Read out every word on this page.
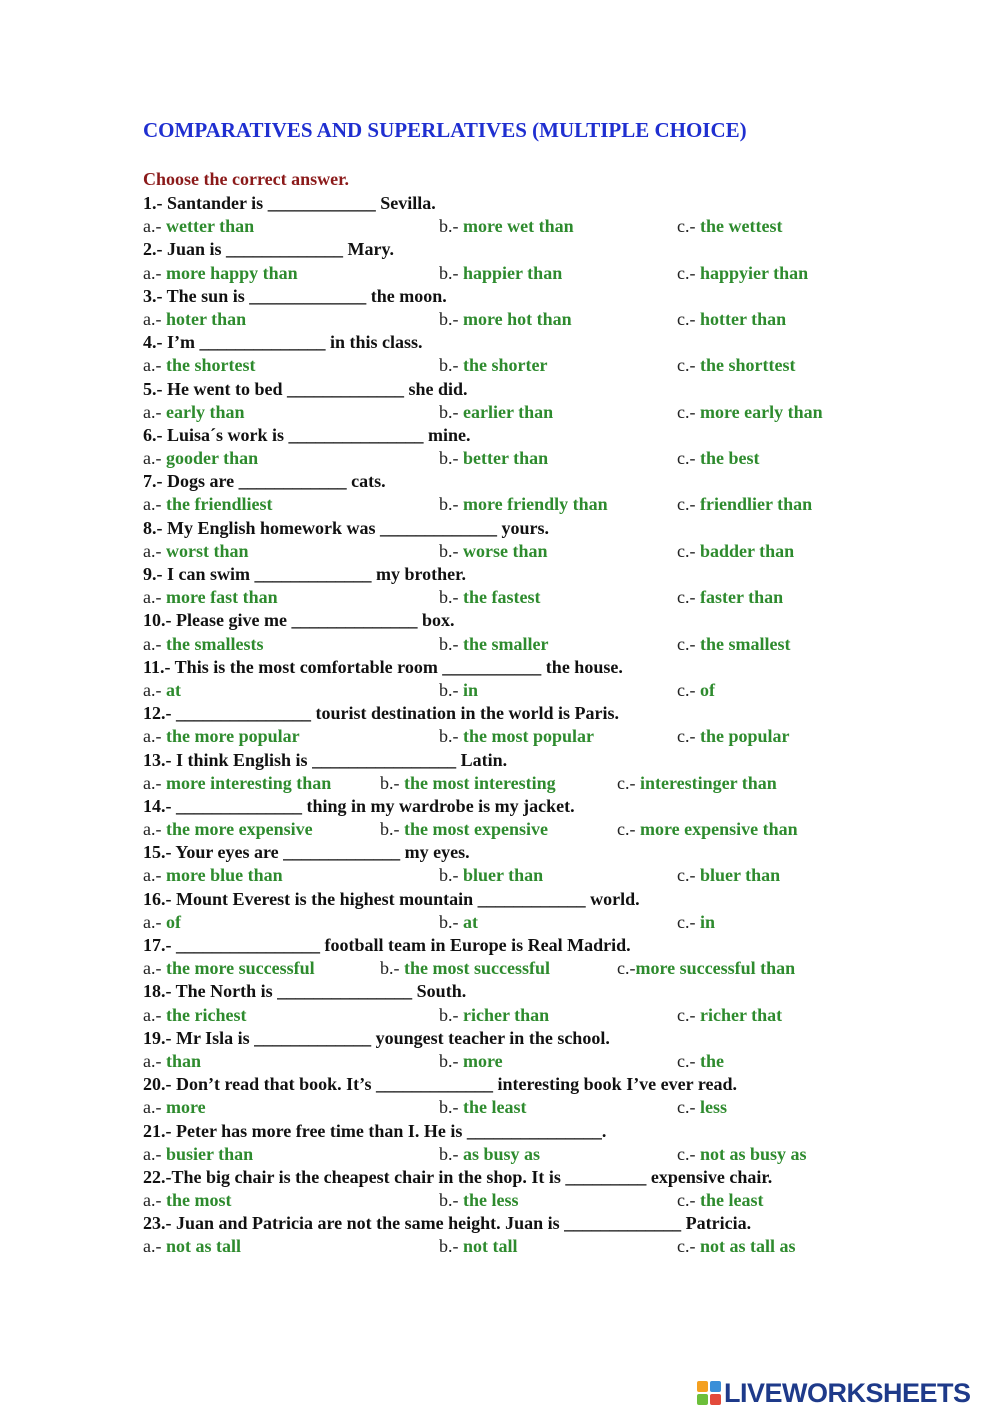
COMPARATIVES AND SUPERLATIVES (MULTIPLE CHOICE)
Choose the correct answer.
1.- Santander is ____________ Sevilla.
a.- wetter than	b.- more wet than	c.- the wettest
2.- Juan is _____________ Mary.
a.- more happy than	b.- happier than	c.- happyier than
3.- The sun is _____________ the moon.
a.- hoter than	b.- more hot than	c.- hotter than
4.- I’m ______________ in this class.
a.- the shortest	b.- the shorter	c.- the shorttest
5.- He went to bed _____________ she did.
a.- early than	b.- earlier than	c.- more early than
6.- Luisa´s work is _______________ mine.
a.- gooder than	b.- better than	c.- the best
7.- Dogs are ____________ cats.
a.- the friendliest	b.- more friendly than	c.- friendlier than
8.- My English homework was _____________ yours.
a.- worst than	b.- worse than	c.- badder than
9.- I can swim _____________ my brother.
a.- more fast than	b.- the fastest	c.- faster than
10.- Please give me ______________ box.
a.- the smallests	b.- the smaller	c.- the smallest
11.- This is the most comfortable room ___________ the house.
a.- at	b.- in	c.- of
12.- _______________ tourist destination in the world is Paris.
a.- the more popular	b.- the most popular	c.- the popular
13.- I think English is ________________ Latin.
a.- more interesting than	b.- the most interesting	c.- interestinger than
14.- ______________ thing in my wardrobe is my jacket.
a.- the more expensive	b.- the most expensive	c.- more expensive than
15.- Your eyes are _____________ my eyes.
a.- more blue than	b.- bluer than	c.- bluer than
16.- Mount Everest is the highest mountain ____________ world.
a.- of	b.- at	c.- in
17.- ________________ football team in Europe is Real Madrid.
a.- the more successful	b.- the most successful	c.-more successful than
18.- The North is _______________ South.
a.- the richest	b.- richer than	c.- richer that
19.- Mr Isla is _____________ youngest teacher in the school.
a.- than	b.- more	c.- the
20.- Don’t read that book. It’s _____________ interesting book I’ve ever read.
a.- more	b.- the least	c.- less
21.- Peter has more free time than I. He is _______________.
a.- busier than	b.- as busy as	c.- not as busy as
22.-The big chair is the cheapest chair in the shop. It is _________ expensive chair.
a.- the most	b.- the less	c.- the least
23.- Juan and Patricia are not the same height. Juan is _____________ Patricia.
a.- not as tall	b.- not tall	c.- not as tall as
LIVEWORKSHEETS
